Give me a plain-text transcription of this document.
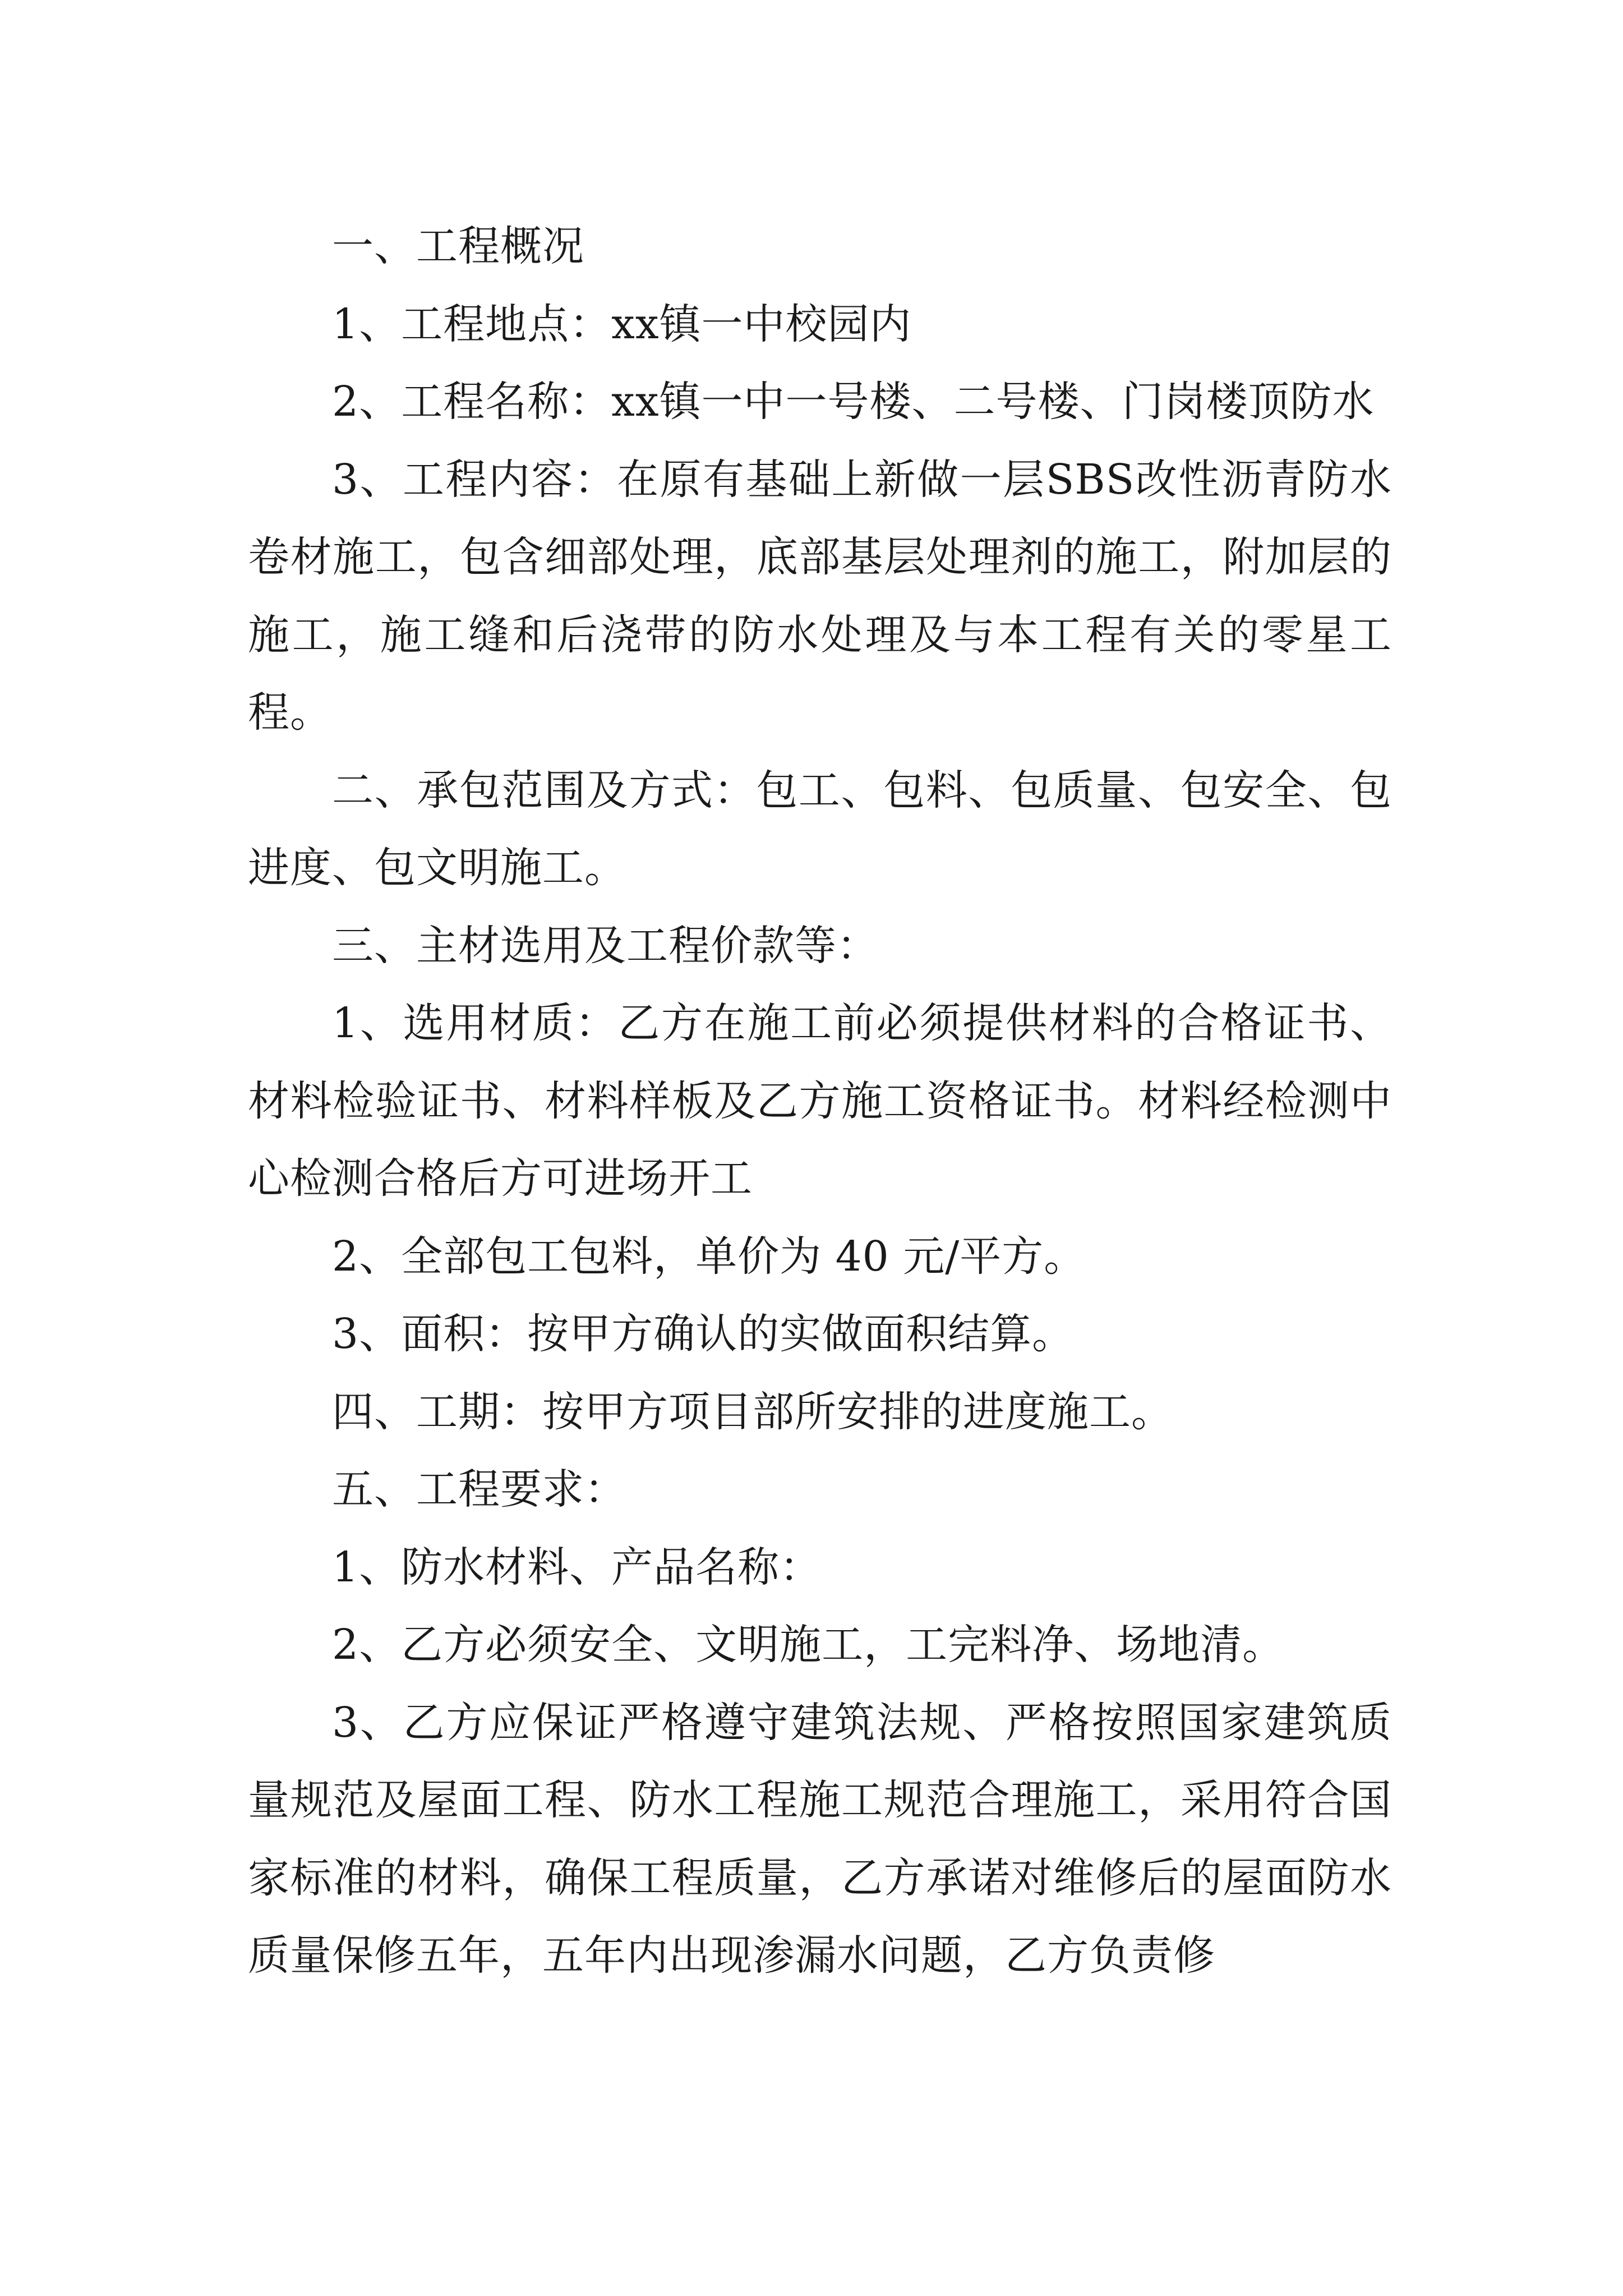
一、工程概况

1、工程地点：xx镇一中校园内

2、工程名称：xx镇一中一号楼、二号楼、门岗楼顶防水

3、工程内容：在原有基础上新做一层SBS改性沥青防水卷材施工，包含细部处理，底部基层处理剂的施工，附加层的施工，施工缝和后浇带的防水处理及与本工程有关的零星工程。

二、承包范围及方式：包工、包料、包质量、包安全、包进度、包文明施工。

三、主材选用及工程价款等：

1、选用材质：乙方在施工前必须提供材料的合格证书、材料检验证书、材料样板及乙方施工资格证书。材料经检测中心检测合格后方可进场开工

2、全部包工包料，单价为 40 元/平方。

3、面积：按甲方确认的实做面积结算。

四、工期：按甲方项目部所安排的进度施工。

五、工程要求：

1、防水材料、产品名称：

2、乙方必须安全、文明施工，工完料净、场地清。

3、乙方应保证严格遵守建筑法规、严格按照国家建筑质量规范及屋面工程、防水工程施工规范合理施工，采用符合国家标准的材料，确保工程质量，乙方承诺对维修后的屋面防水质量保修五年，五年内出现渗漏水问题，乙方负责修
